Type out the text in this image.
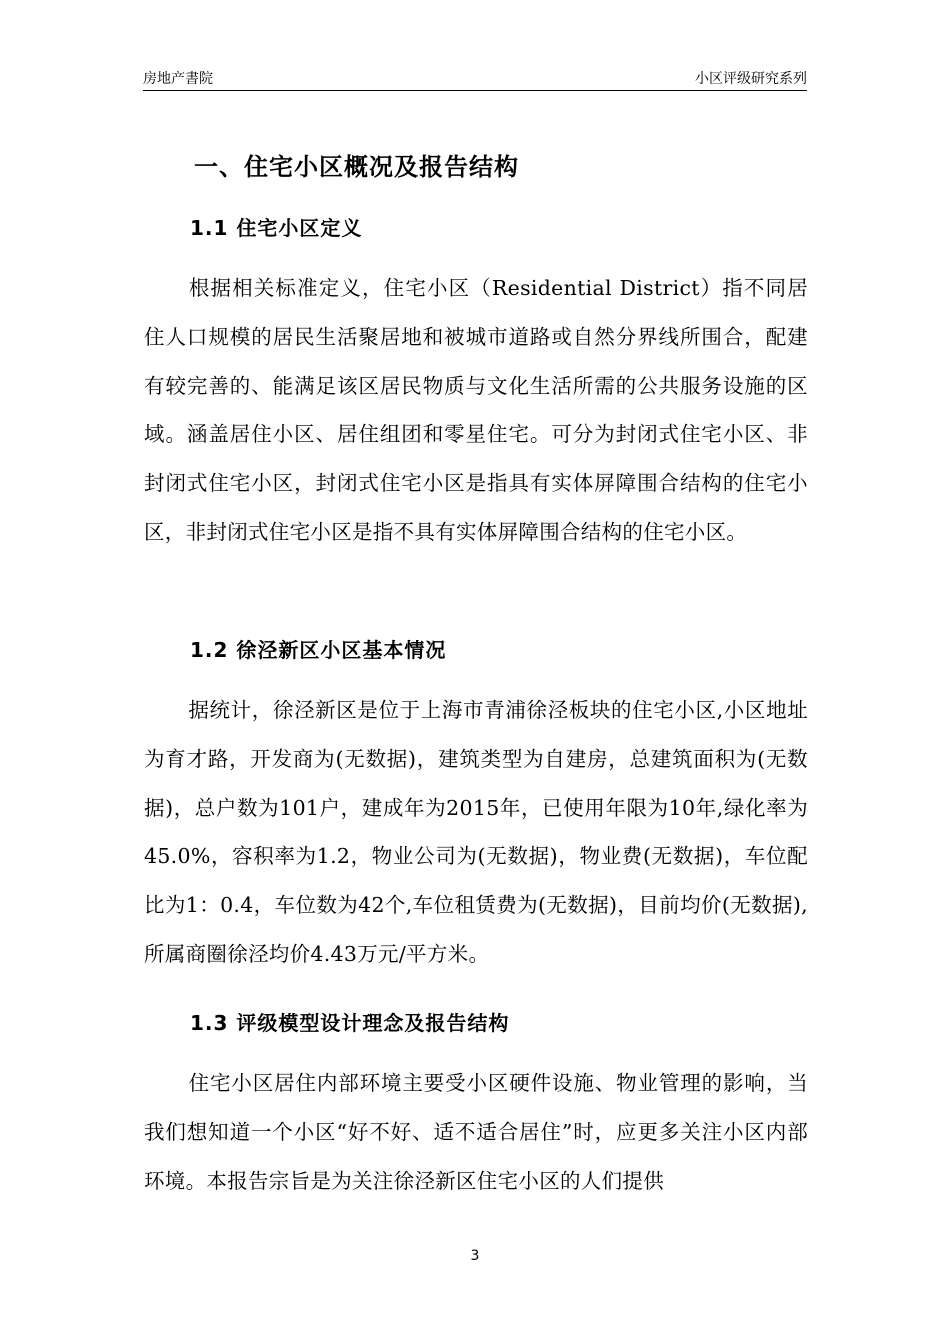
房地产書院	小区评级研究系列
一、住宅小区概况及报告结构
1.1 住宅小区定义

根据相关标准定义，住宅小区（Residential District）指不同居住人口规模的居民生活聚居地和被城市道路或自然分界线所围合，配建有较完善的、能满足该区居民物质与文化生活所需的公共服务设施的区域。涵盖居住小区、居住组团和零星住宅。可分为封闭式住宅小区、非封闭式住宅小区，封闭式住宅小区是指具有实体屏障围合结构的住宅小区，非封闭式住宅小区是指不具有实体屏障围合结构的住宅小区。

1.2 徐泾新区小区基本情况

据统计，徐泾新区是位于上海市青浦徐泾板块的住宅小区,小区地址为育才路，开发商为(无数据)，建筑类型为自建房，总建筑面积为(无数据)，总户数为101户，建成年为2015年，已使用年限为10年,绿化率为45.0%，容积率为1.2，物业公司为(无数据)，物业费(无数据)，车位配比为1：0.4，车位数为42个,车位租赁费为(无数据)，目前均价(无数据),所属商圈徐泾均价4.43万元/平方米。

1.3 评级模型设计理念及报告结构

住宅小区居住内部环境主要受小区硬件设施、物业管理的影响，当我们想知道一个小区“好不好、适不适合居住”时，应更多关注小区内部环境。本报告宗旨是为关注徐泾新区住宅小区的人们提供

3
